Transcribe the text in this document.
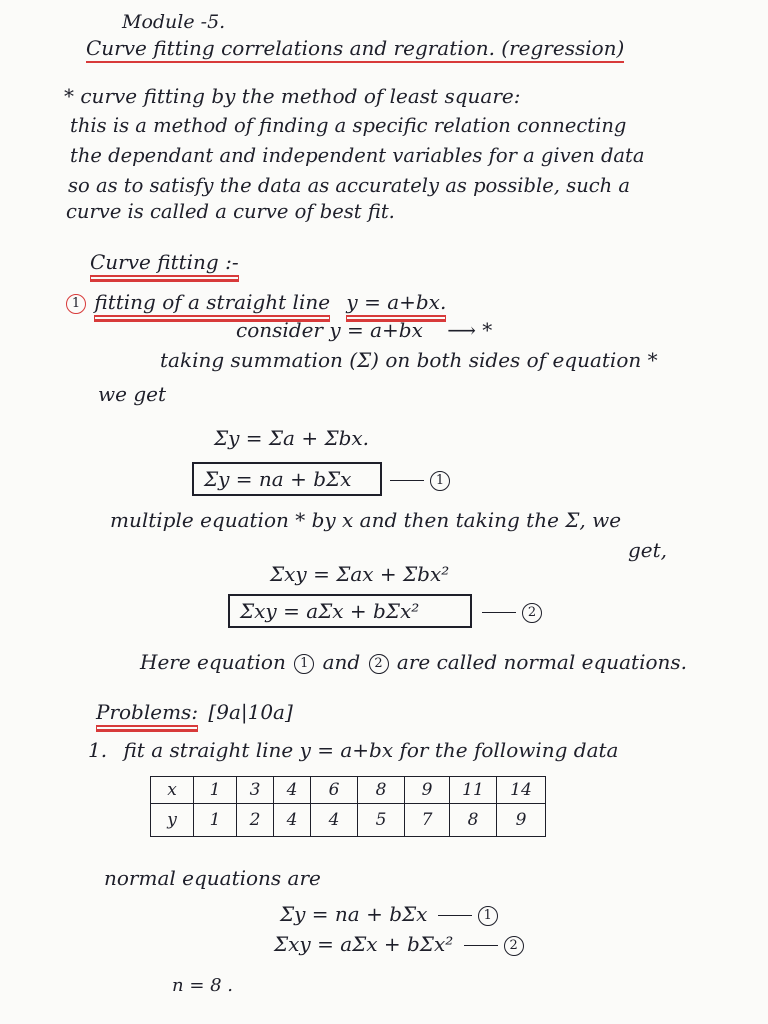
Module -5.
Curve fitting correlations and regration. (regression)
* curve fitting by the method of least square:
this is a method of finding a specific relation connecting
the dependant and independent variables for a given data
so as to satisfy the data as accurately as possible, such a
curve is called a curve of best fit.
Curve fitting :-
1 fitting of a straight line y = a+bx.
consider y = a+bx ⟶ *
taking summation (Σ) on both sides of equation *
we get
Σy = Σa + Σbx.
Σy = na + bΣx	1
multiple equation * by x and then taking the Σ, we
get,
Σxy = Σax + Σbx²
Σxy = aΣx + bΣx²	2
Here equation 1 and 2 are called normal equations.
Problems: [9a|10a]
1. fit a straight line y = a+bx for the following data
x	1	3	4	6	8	9	11	14
y	1	2	4	4	5	7	8	9
normal equations are
Σy = na + bΣx	1
Σxy = aΣx + bΣx²	2
n = 8 .
